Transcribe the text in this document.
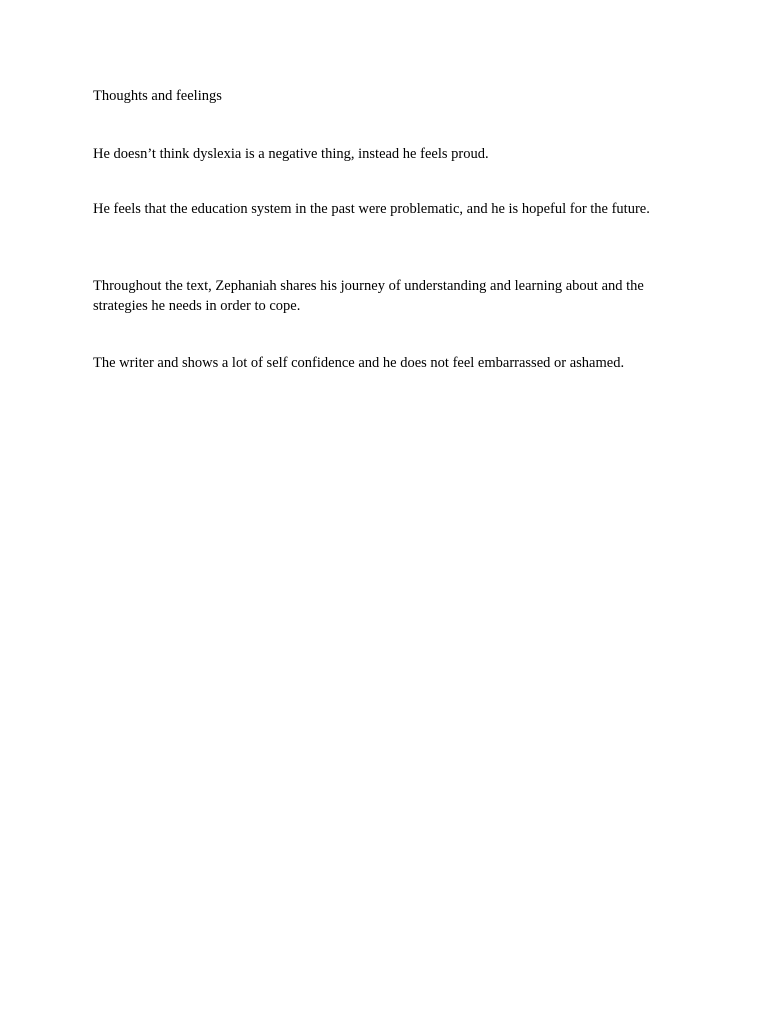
Thoughts and feelings

He doesn’t think dyslexia is a negative thing, instead he feels proud.

He feels that the education system in the past were problematic, and he is hopeful for the future.

Throughout the text, Zephaniah shares his journey of understanding and learning about and the strategies he needs in order to cope.

The writer and shows a lot of self confidence and he does not feel embarrassed or ashamed.
